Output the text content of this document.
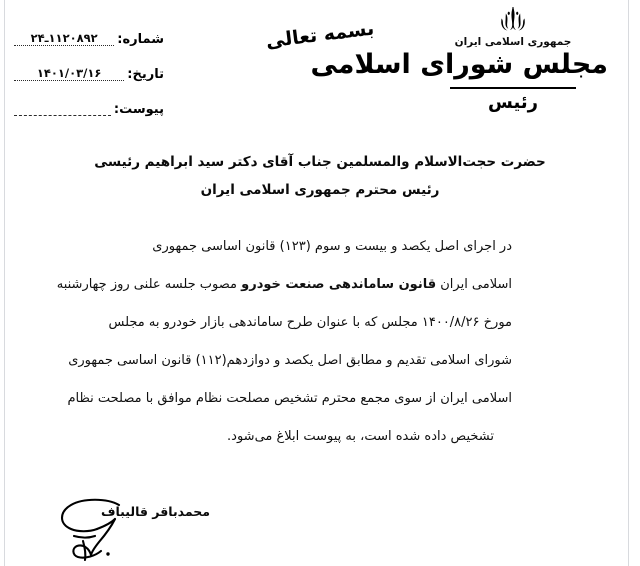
جمهوری اسلامی ایران
مجلس شورای اسلامی
رئیس
بسمه تعالی
شماره:
۲۴ـ۱۱۲۰۸۹۲
تاریخ:
۱۴۰۱/۰۳/۱۶
پیوست:
حضرت حجت‌الاسلام والمسلمین جناب آقای دکتر سید ابراهیم رئیسی
رئیس محترم جمهوری اسلامی ایران
در اجرای اصل یکصد و بیست و سوم (۱۲۳) قانون اساسی جمهوری
اسلامی ایران قانون ساماندهی صنعت خودرو مصوب جلسه علنی روز چهارشنبه
مورخ ۱۴۰۰/۸/۲۶ مجلس که با عنوان طرح ساماندهی بازار خودرو به مجلس
شورای اسلامی تقدیم و مطابق اصل یکصد و دوازدهم(۱۱۲) قانون اساسی جمهوری
اسلامی ایران از سوی مجمع محترم تشخیص مصلحت نظام موافق با مصلحت نظام
تشخیص داده شده است، به پیوست ابلاغ می‌شود.
محمدباقر قالیباف
